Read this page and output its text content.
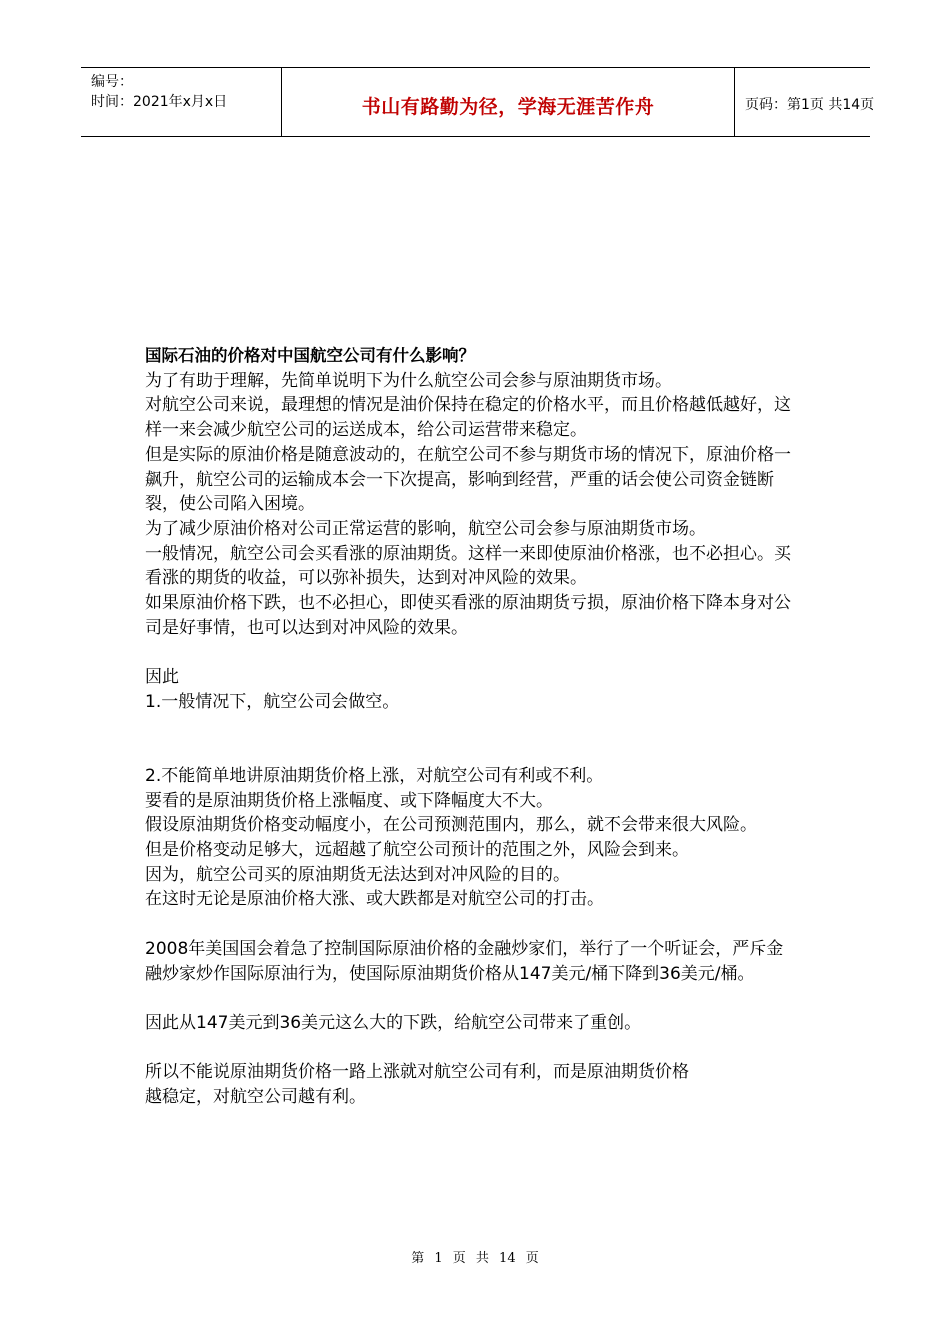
编号：
时间：2021年x月x日	书山有路勤为径，学海无涯苦作舟	页码：第1页 共14页

国际石油的价格对中国航空公司有什么影响？

为了有助于理解，先简单说明下为什么航空公司会参与原油期货市场。

对航空公司来说，最理想的情况是油价保持在稳定的价格水平，而且价格越低越好，这样一来会减少航空公司的运送成本，给公司运营带来稳定。

但是实际的原油价格是随意波动的，在航空公司不参与期货市场的情况下，原油价格一飙升，航空公司的运输成本会一下次提高，影响到经营，严重的话会使公司资金链断裂，使公司陷入困境。

为了减少原油价格对公司正常运营的影响，航空公司会参与原油期货市场。

一般情况，航空公司会买看涨的原油期货。这样一来即使原油价格涨，也不必担心。买看涨的期货的收益，可以弥补损失，达到对冲风险的效果。

如果原油价格下跌，也不必担心，即使买看涨的原油期货亏损，原油价格下降本身对公司是好事情，也可以达到对冲风险的效果。

因此

1.一般情况下，航空公司会做空。

2.不能简单地讲原油期货价格上涨，对航空公司有利或不利。

要看的是原油期货价格上涨幅度、或下降幅度大不大。

假设原油期货价格变动幅度小，在公司预测范围内，那么，就不会带来很大风险。

但是价格变动足够大，远超越了航空公司预计的范围之外，风险会到来。

因为，航空公司买的原油期货无法达到对冲风险的目的。

在这时无论是原油价格大涨、或大跌都是对航空公司的打击。

2008年美国国会着急了控制国际原油价格的金融炒家们，举行了一个听证会，严斥金融炒家炒作国际原油行为，使国际原油期货价格从147美元/桶下降到36美元/桶。

因此从147美元到36美元这么大的下跌，给航空公司带来了重创。

所以不能说原油期货价格一路上涨就对航空公司有利，而是原油期货价格

越稳定，对航空公司越有利。

第 1 页 共 14 页
